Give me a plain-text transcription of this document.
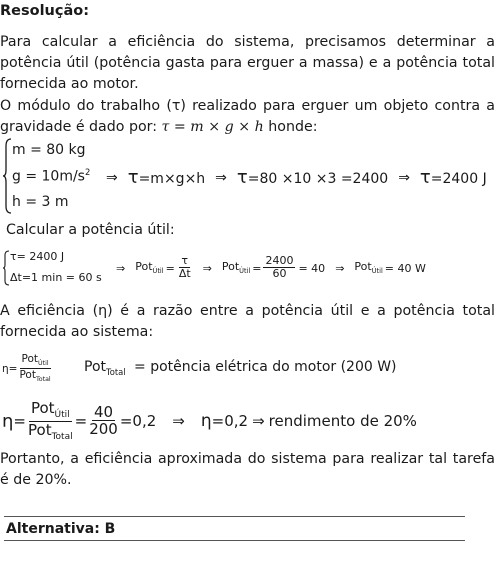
Resolução:
Para calcular a eficiência do sistema, precisamos determinar a potência útil (potência gasta para erguer a massa) e a potência total fornecida ao motor.
O módulo do trabalho (τ) realizado para erguer um objeto contra a gravidade é dado por: τ = m × g × h honde:
m = 80 kg
$g = 10m/s^2$
h = 3 m
⇒ τ=m×g×h ⇒ τ=80 ×10 ×3 =2400 ⇒ τ=2400 J
Calcular a potência útil:
τ= 2400 J
Δt=1 min = 60 s
⇒ $Pot_{Útil} = \frac{\tau}{\Delta t}$ ⇒ $Pot_{Útil} = \frac{2400}{60} = 40$ ⇒ Pot$_{Útil}$ = 40 W
A eficiência (η) é a razão entre a potência útil e a potência total fornecida ao sistema:
$\eta = \frac{Pot_{Útil}}{Pot_{Total}} Pot_{Total}$ = potência elétrica do motor (200 W)
$\eta = \frac{Pot_{Útil}}{Pot_{Total}} = \frac{40}{200} =0,2$ ⇒ η =0,2 ⇒ rendimento de 20%
Portanto, a eficiência aproximada do sistema para realizar tal tarefa é de 20%.
Alternativa: B
